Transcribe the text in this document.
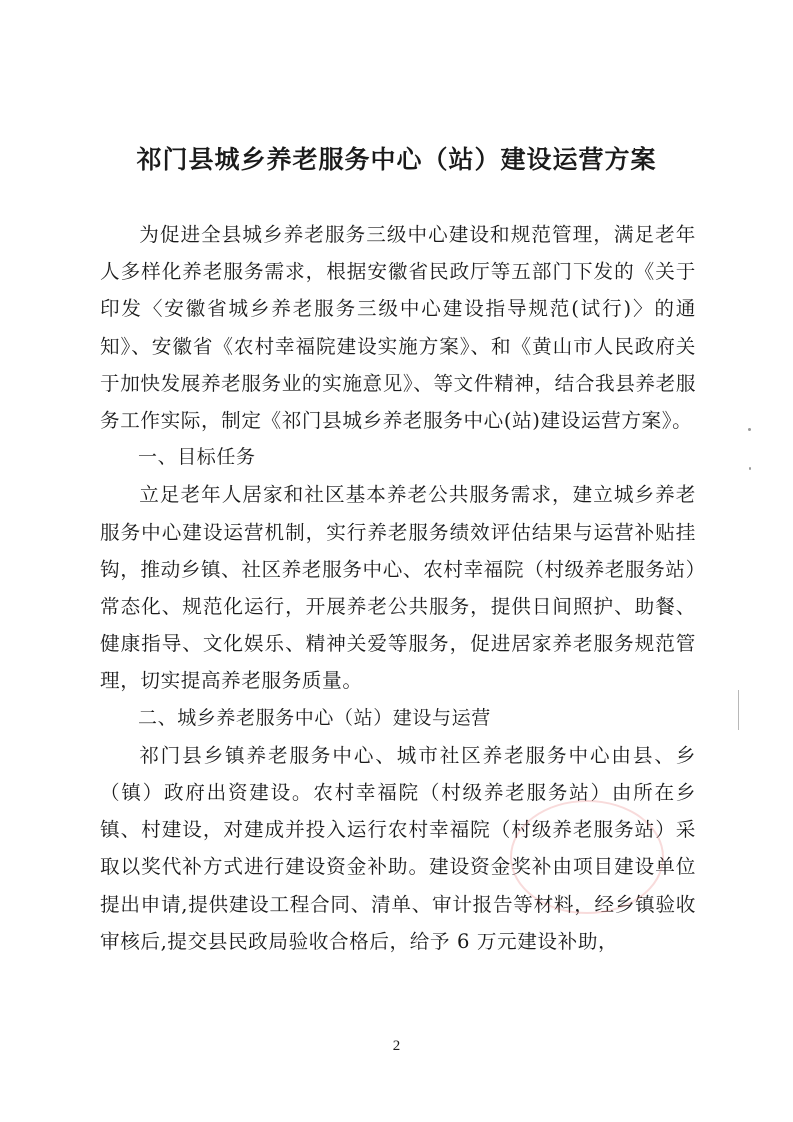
祁门县城乡养老服务中心（站）建设运营方案

为促进全县城乡养老服务三级中心建设和规范管理，满足老年人多样化养老服务需求，根据安徽省民政厅等五部门下发的《关于印发〈安徽省城乡养老服务三级中心建设指导规范(试行)〉的通知》、安徽省《农村幸福院建设实施方案》、和《黄山市人民政府关于加快发展养老服务业的实施意见》、等文件精神，结合我县养老服务工作实际，制定《祁门县城乡养老服务中心(站)建设运营方案》。

一、目标任务

立足老年人居家和社区基本养老公共服务需求，建立城乡养老服务中心建设运营机制，实行养老服务绩效评估结果与运营补贴挂钩，推动乡镇、社区养老服务中心、农村幸福院（村级养老服务站）常态化、规范化运行，开展养老公共服务，提供日间照护、助餐、健康指导、文化娱乐、精神关爱等服务，促进居家养老服务规范管理，切实提高养老服务质量。

二、城乡养老服务中心（站）建设与运营

祁门县乡镇养老服务中心、城市社区养老服务中心由县、乡（镇）政府出资建设。农村幸福院（村级养老服务站）由所在乡镇、村建设，对建成并投入运行农村幸福院（村级养老服务站）采取以奖代补方式进行建设资金补助。建设资金奖补由项目建设单位提出申请,提供建设工程合同、清单、审计报告等材料，经乡镇验收审核后,提交县民政局验收合格后，给予 6 万元建设补助，

2
